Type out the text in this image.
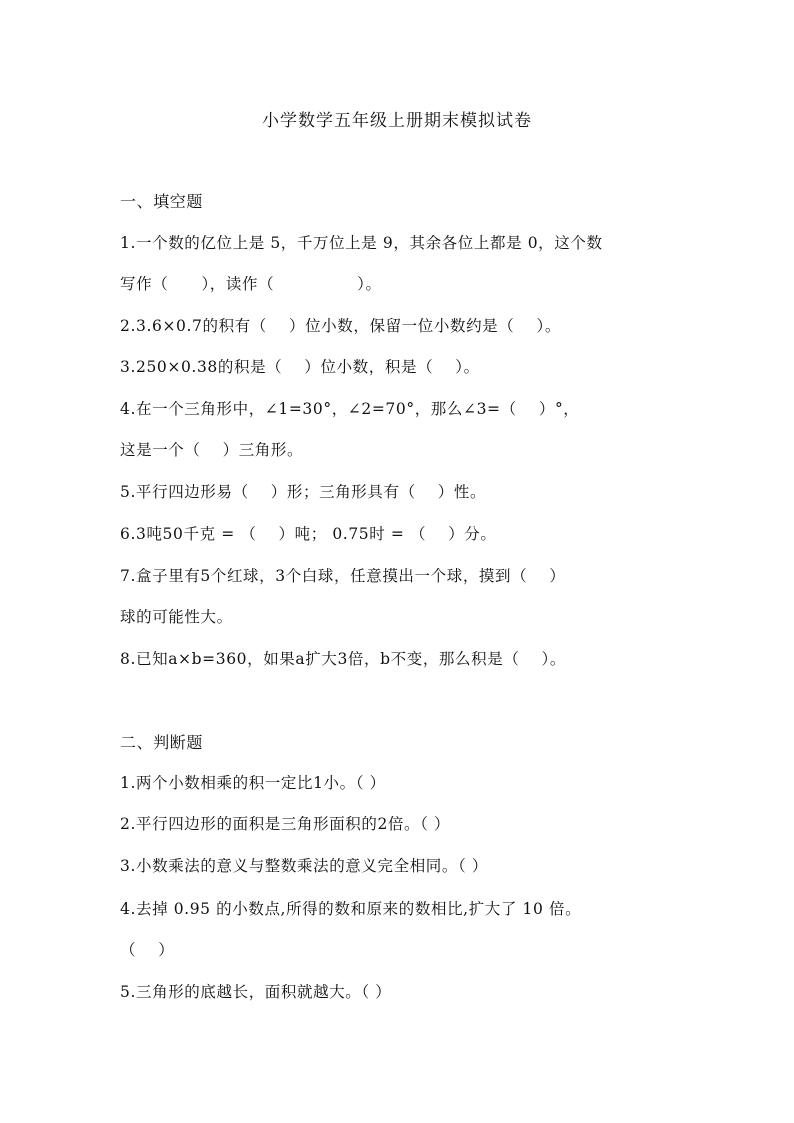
小学数学五年级上册期末模拟试卷
一、填空题
1.一个数的亿位上是 5，千万位上是 9，其余各位上都是 0，这个数
写作（      ），读作（               ）。
2.3.6×0.7的积有（    ）位小数，保留一位小数约是（    ）。
3.250×0.38的积是（    ）位小数，积是（    ）。
4.在一个三角形中，∠1=30°，∠2=70°，那么∠3=（    ）°，
这是一个（    ）三角形。
5.平行四边形易（    ）形；三角形具有（    ）性。
6.3吨50千克 = （    ）吨； 0.75时 = （    ）分。
7.盒子里有5个红球，3个白球，任意摸出一个球，摸到（    ）
球的可能性大。
8.已知a×b=360，如果a扩大3倍，b不变，那么积是（    ）。
二、判断题
1.两个小数相乘的积一定比1小。（ ）
2.平行四边形的面积是三角形面积的2倍。（ ）
3.小数乘法的意义与整数乘法的意义完全相同。（ ）
4.去掉 0.95 的小数点,所得的数和原来的数相比,扩大了 10 倍。
（    ）
5.三角形的底越长，面积就越大。（ ）
